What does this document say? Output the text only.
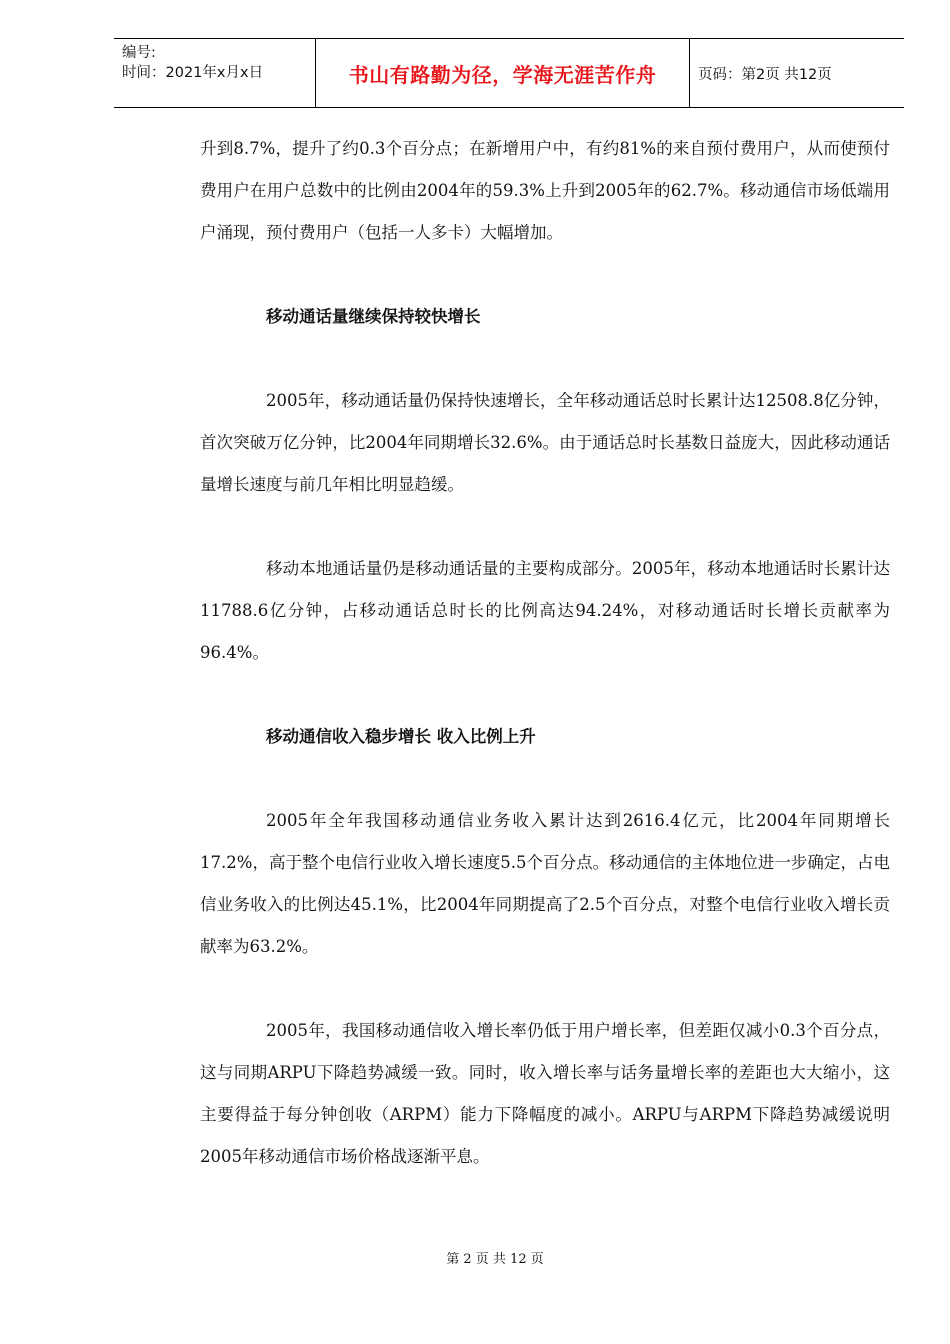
编号:
时间：2021年x月x日	书山有路勤为径，学海无涯苦作舟	页码：第2页 共12页

升到8.7%，提升了约0.3个百分点；在新增用户中，有约81%的来自预付费用户，从而使预付费用户在用户总数中的比例由2004年的59.3%上升到2005年的62.7%。移动通信市场低端用户涌现，预付费用户（包括一人多卡）大幅增加。

移动通话量继续保持较快增长

2005年，移动通话量仍保持快速增长，全年移动通话总时长累计达12508.8亿分钟，首次突破万亿分钟，比2004年同期增长32.6%。由于通话总时长基数日益庞大，因此移动通话量增长速度与前几年相比明显趋缓。

移动本地通话量仍是移动通话量的主要构成部分。2005年，移动本地通话时长累计达11788.6亿分钟，占移动通话总时长的比例高达94.24%，对移动通话时长增长贡献率为96.4%。

移动通信收入稳步增长 收入比例上升

2005年全年我国移动通信业务收入累计达到2616.4亿元，比2004年同期增长17.2%，高于整个电信行业收入增长速度5.5个百分点。移动通信的主体地位进一步确定，占电信业务收入的比例达45.1%，比2004年同期提高了2.5个百分点，对整个电信行业收入增长贡献率为63.2%。

2005年，我国移动通信收入增长率仍低于用户增长率，但差距仅减小0.3个百分点，这与同期ARPU下降趋势减缓一致。同时，收入增长率与话务量增长率的差距也大大缩小，这主要得益于每分钟创收（ARPM）能力下降幅度的减小。ARPU与ARPM下降趋势减缓说明2005年移动通信市场价格战逐渐平息。

第 2 页 共 12 页
